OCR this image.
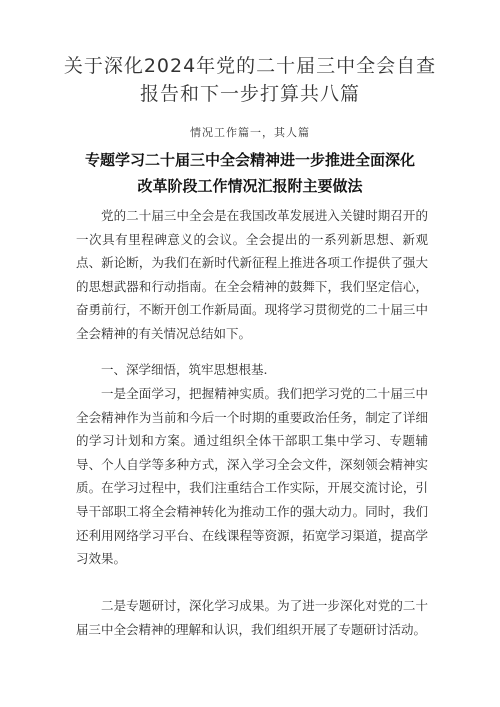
关于深化2024年党的二十届三中全会自查
报告和下一步打算共八篇
情况工作篇一，其人篇
专题学习二十届三中全会精神进一步推进全面深化
改革阶段工作情况汇报附主要做法

党的二十届三中全会是在我国改革发展进入关键时期召开的一次具有里程碑意义的会议。全会提出的一系列新思想、新观点、新论断，为我们在新时代新征程上推进各项工作提供了强大的思想武器和行动指南。在全会精神的鼓舞下，我们坚定信心，奋勇前行，不断开创工作新局面。现将学习贯彻党的二十届三中全会精神的有关情况总结如下。

一、深学细悟，筑牢思想根基.

一是全面学习，把握精神实质。我们把学习党的二十届三中全会精神作为当前和今后一个时期的重要政治任务，制定了详细的学习计划和方案。通过组织全体干部职工集中学习、专题辅导、个人自学等多种方式，深入学习全会文件，深刻领会精神实质。在学习过程中，我们注重结合工作实际，开展交流讨论，引导干部职工将全会精神转化为推动工作的强大动力。同时，我们还利用网络学习平台、在线课程等资源，拓宽学习渠道，提高学习效果。

二是专题研讨，深化学习成果。为了进一步深化对党的二十届三中全会精神的理解和认识，我们组织开展了专题研讨活动。
